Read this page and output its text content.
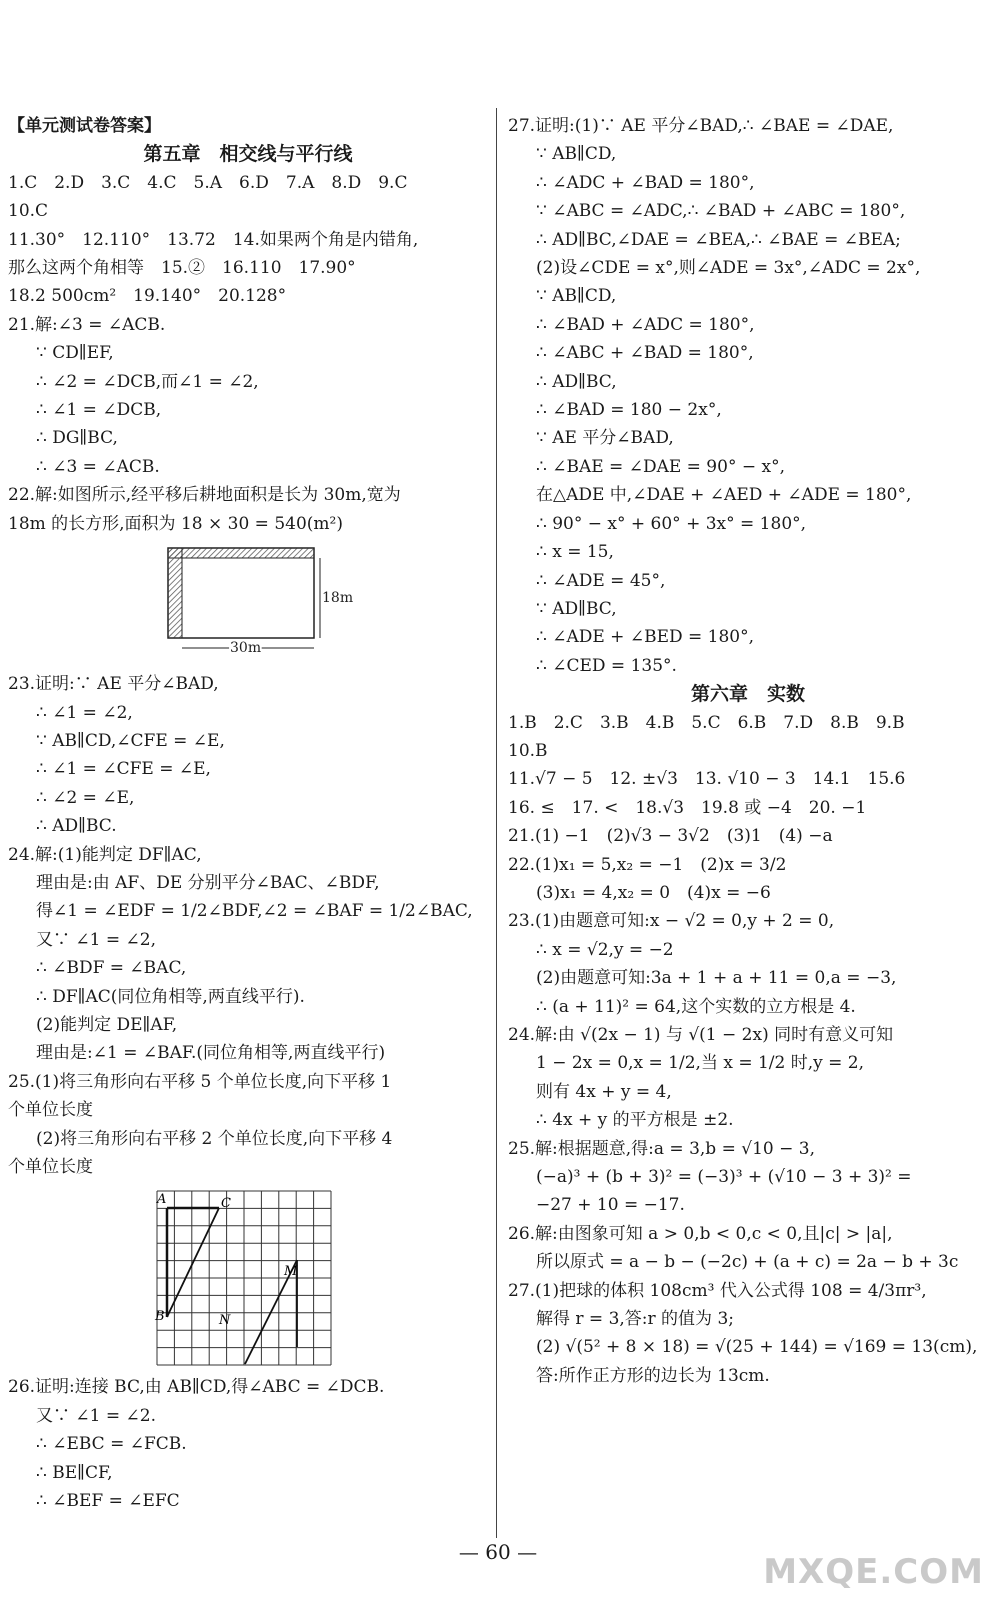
【单元测试卷答案】
第五章　相交线与平行线
1.C　2.D　3.C　4.C　5.A　6.D　7.A　8.D　9.C
10.C
11.30°　12.110°　13.72　14.如果两个角是内错角,
那么这两个角相等　15.②　16.110　17.90°
18.2 500cm²　19.140°　20.128°
21.解:∠3 = ∠ACB.
∵ CD∥EF,
∴ ∠2 = ∠DCB,而∠1 = ∠2,
∴ ∠1 = ∠DCB,
∴ DG∥BC,
∴ ∠3 = ∠ACB.
22.解:如图所示,经平移后耕地面积是长为 30m,宽为
18m 的长方形,面积为 18 × 30 = 540(m²)
18m
30m
23.证明:∵ AE 平分∠BAD,
∴ ∠1 = ∠2,
∵ AB∥CD,∠CFE = ∠E,
∴ ∠1 = ∠CFE = ∠E,
∴ ∠2 = ∠E,
∴ AD∥BC.
24.解:(1)能判定 DF∥AC,
理由是:由 AF、DE 分别平分∠BAC、∠BDF,
得∠1 = ∠EDF = 1/2∠BDF,∠2 = ∠BAF = 1/2∠BAC,
又∵ ∠1 = ∠2,
∴ ∠BDF = ∠BAC,
∴ DF∥AC(同位角相等,两直线平行).
(2)能判定 DE∥AF,
理由是:∠1 = ∠BAF.(同位角相等,两直线平行)
25.(1)将三角形向右平移 5 个单位长度,向下平移 1
个单位长度
(2)将三角形向右平移 2 个单位长度,向下平移 4
个单位长度
A	C
B
M
N
26.证明:连接 BC,由 AB∥CD,得∠ABC = ∠DCB.
又∵ ∠1 = ∠2.
∴ ∠EBC = ∠FCB.
∴ BE∥CF,
∴ ∠BEF = ∠EFC
27.证明:(1)∵ AE 平分∠BAD,∴ ∠BAE = ∠DAE,
∵ AB∥CD,
∴ ∠ADC + ∠BAD = 180°,
∵ ∠ABC = ∠ADC,∴ ∠BAD + ∠ABC = 180°,
∴ AD∥BC,∠DAE = ∠BEA,∴ ∠BAE = ∠BEA;
(2)设∠CDE = x°,则∠ADE = 3x°,∠ADC = 2x°,
∵ AB∥CD,
∴ ∠BAD + ∠ADC = 180°,
∴ ∠ABC + ∠BAD = 180°,
∴ AD∥BC,
∴ ∠BAD = 180 − 2x°,
∵ AE 平分∠BAD,
∴ ∠BAE = ∠DAE = 90° − x°,
在△ADE 中,∠DAE + ∠AED + ∠ADE = 180°,
∴ 90° − x° + 60° + 3x° = 180°,
∴ x = 15,
∴ ∠ADE = 45°,
∵ AD∥BC,
∴ ∠ADE + ∠BED = 180°,
∴ ∠CED = 135°.
第六章　实数
1.B　2.C　3.B　4.B　5.C　6.B　7.D　8.B　9.B
10.B
11.√7 − 5　12. ±√3　13. √10 − 3　14.1　15.6
16. ≤　17. <　18.√3　19.8 或 −4　20. −1
21.(1) −1　(2)√3 − 3√2　(3)1　(4) −a
22.(1)x₁ = 5,x₂ = −1　(2)x = 3/2
(3)x₁ = 4,x₂ = 0　(4)x = −6
23.(1)由题意可知:x − √2 = 0,y + 2 = 0,
∴ x = √2,y = −2
(2)由题意可知:3a + 1 + a + 11 = 0,a = −3,
∴ (a + 11)² = 64,这个实数的立方根是 4.
24.解:由 √(2x − 1) 与 √(1 − 2x) 同时有意义可知
1 − 2x = 0,x = 1/2,当 x = 1/2 时,y = 2,
则有 4x + y = 4,
∴ 4x + y 的平方根是 ±2.
25.解:根据题意,得:a = 3,b = √10 − 3,
(−a)³ + (b + 3)² = (−3)³ + (√10 − 3 + 3)² =
−27 + 10 = −17.
26.解:由图象可知 a > 0,b < 0,c < 0,且|c| > |a|,
所以原式 = a − b − (−2c) + (a + c) = 2a − b + 3c
27.(1)把球的体积 108cm³ 代入公式得 108 = 4/3πr³,
解得 r = 3,答:r 的值为 3;
(2) √(5² + 8 × 18) = √(25 + 144) = √169 = 13(cm),
答:所作正方形的边长为 13cm.
— 60 —	MXQE.COM
